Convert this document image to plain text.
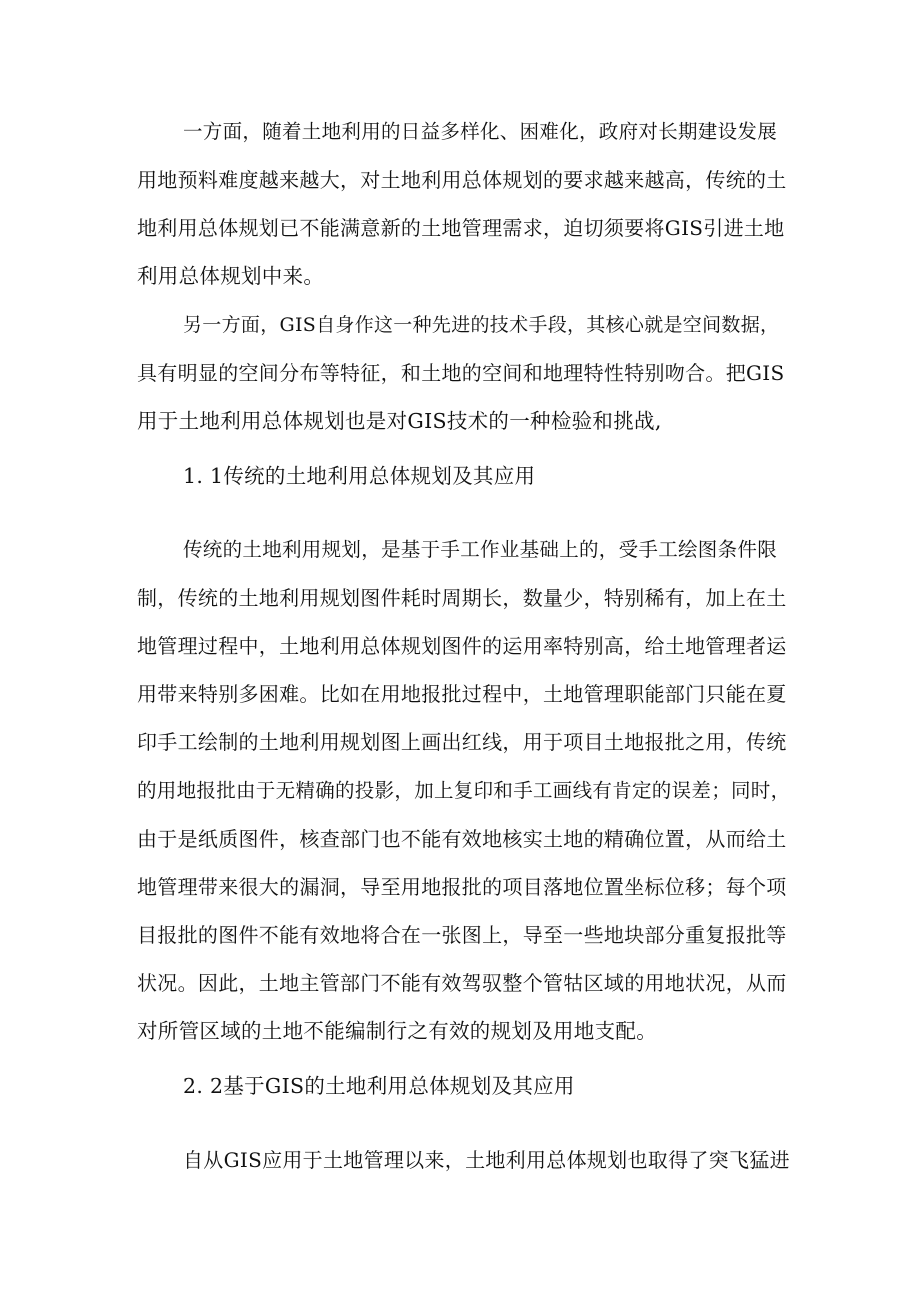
一方面，随着土地利用的日益多样化、困难化，政府对长期建设发展
用地预料难度越来越大，对土地利用总体规划的要求越来越高，传统的土
地利用总体规划已不能满意新的土地管理需求，迫切须要将GIS引进土地
利用总体规划中来。
另一方面，GIS自身作这一种先进的技术手段，其核心就是空间数据，
具有明显的空间分布等特征，和土地的空间和地理特性特别吻合。把GIS
用于土地利用总体规划也是对GIS技术的一种检验和挑战,
1. 1传统的土地利用总体规划及其应用
传统的土地利用规划，是基于手工作业基础上的，受手工绘图条件限
制，传统的土地利用规划图件耗时周期长，数量少，特别稀有，加上在土
地管理过程中，土地利用总体规划图件的运用率特别高，给土地管理者运
用带来特别多困难。比如在用地报批过程中，土地管理职能部门只能在夏
印手工绘制的土地利用规划图上画出红线，用于项目土地报批之用，传统
的用地报批由于无精确的投影，加上复印和手工画线有肯定的误差；同时，
由于是纸质图件，核查部门也不能有效地核实土地的精确位置，从而给土
地管理带来很大的漏洞，导至用地报批的项目落地位置坐标位移；每个项
目报批的图件不能有效地将合在一张图上，导至一些地块部分重复报批等
状况。因此，土地主管部门不能有效驾驭整个管牯区域的用地状况，从而
对所管区域的土地不能编制行之有效的规划及用地支配。
2. 2基于GIS的土地利用总体规划及其应用
自从GIS应用于土地管理以来，土地利用总体规划也取得了突飞猛进
